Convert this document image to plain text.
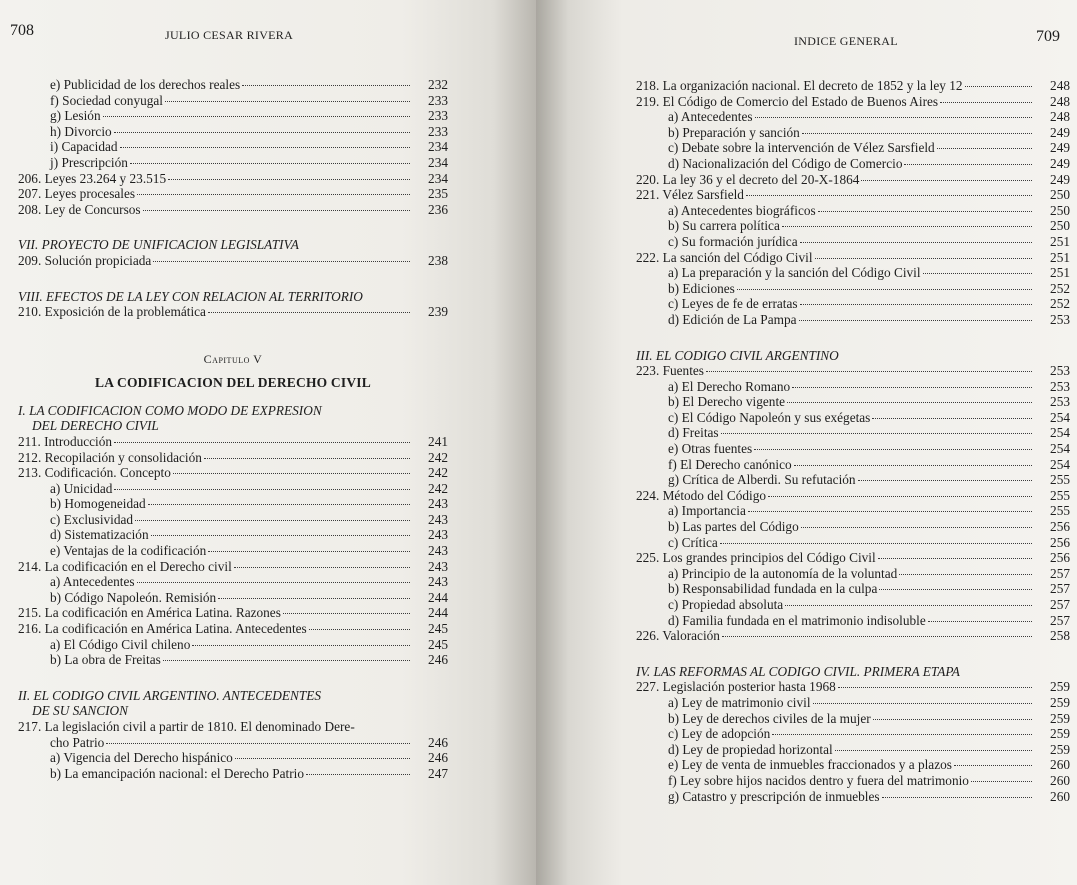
708	JULIO CESAR RIVERA
e) Publicidad de los derechos reales	232
f) Sociedad conyugal	233
g) Lesión	233
h) Divorcio	233
i) Capacidad	234
j) Prescripción	234
206. Leyes 23.264 y 23.515	234
207. Leyes procesales	235
208. Ley de Concursos	236
VII. PROYECTO DE UNIFICACION LEGISLATIVA
209. Solución propiciada	238
VIII. EFECTOS DE LA LEY CON RELACION AL TERRITORIO
210. Exposición de la problemática	239
Capitulo V
LA CODIFICACION DEL DERECHO CIVIL
I. LA CODIFICACION COMO MODO DE EXPRESION
DEL DERECHO CIVIL
211. Introducción	241
212. Recopilación y consolidación	242
213. Codificación. Concepto	242
a) Unicidad	242
b) Homogeneidad	243
c) Exclusividad	243
d) Sistematización	243
e) Ventajas de la codificación	243
214. La codificación en el Derecho civil	243
a) Antecedentes	243
b) Código Napoleón. Remisión	244
215. La codificación en América Latina. Razones	244
216. La codificación en América Latina. Antecedentes	245
a) El Código Civil chileno	245
b) La obra de Freitas	246
II. EL CODIGO CIVIL ARGENTINO. ANTECEDENTES
DE SU SANCION
217. La legislación civil a partir de 1810. El denominado Dere-
cho Patrio	246
a) Vigencia del Derecho hispánico	246
b) La emancipación nacional: el Derecho Patrio	247
INDICE GENERAL	709
218. La organización nacional. El decreto de 1852 y la ley 12	248
219. El Código de Comercio del Estado de Buenos Aires	248
a) Antecedentes	248
b) Preparación y sanción	249
c) Debate sobre la intervención de Vélez Sarsfield	249
d) Nacionalización del Código de Comercio	249
220. La ley 36 y el decreto del 20-X-1864	249
221. Vélez Sarsfield	250
a) Antecedentes biográficos	250
b) Su carrera política	250
c) Su formación jurídica	251
222. La sanción del Código Civil	251
a) La preparación y la sanción del Código Civil	251
b) Ediciones	252
c) Leyes de fe de erratas	252
d) Edición de La Pampa	253
III. EL CODIGO CIVIL ARGENTINO
223. Fuentes	253
a) El Derecho Romano	253
b) El Derecho vigente	253
c) El Código Napoleón y sus exégetas	254
d) Freitas	254
e) Otras fuentes	254
f) El Derecho canónico	254
g) Crítica de Alberdi. Su refutación	255
224. Método del Código	255
a) Importancia	255
b) Las partes del Código	256
c) Crítica	256
225. Los grandes principios del Código Civil	256
a) Principio de la autonomía de la voluntad	257
b) Responsabilidad fundada en la culpa	257
c) Propiedad absoluta	257
d) Familia fundada en el matrimonio indisoluble	257
226. Valoración	258
IV. LAS REFORMAS AL CODIGO CIVIL. PRIMERA ETAPA
227. Legislación posterior hasta 1968	259
a) Ley de matrimonio civil	259
b) Ley de derechos civiles de la mujer	259
c) Ley de adopción	259
d) Ley de propiedad horizontal	259
e) Ley de venta de inmuebles fraccionados y a plazos	260
f) Ley sobre hijos nacidos dentro y fuera del matrimonio	260
g) Catastro y prescripción de inmuebles	260
